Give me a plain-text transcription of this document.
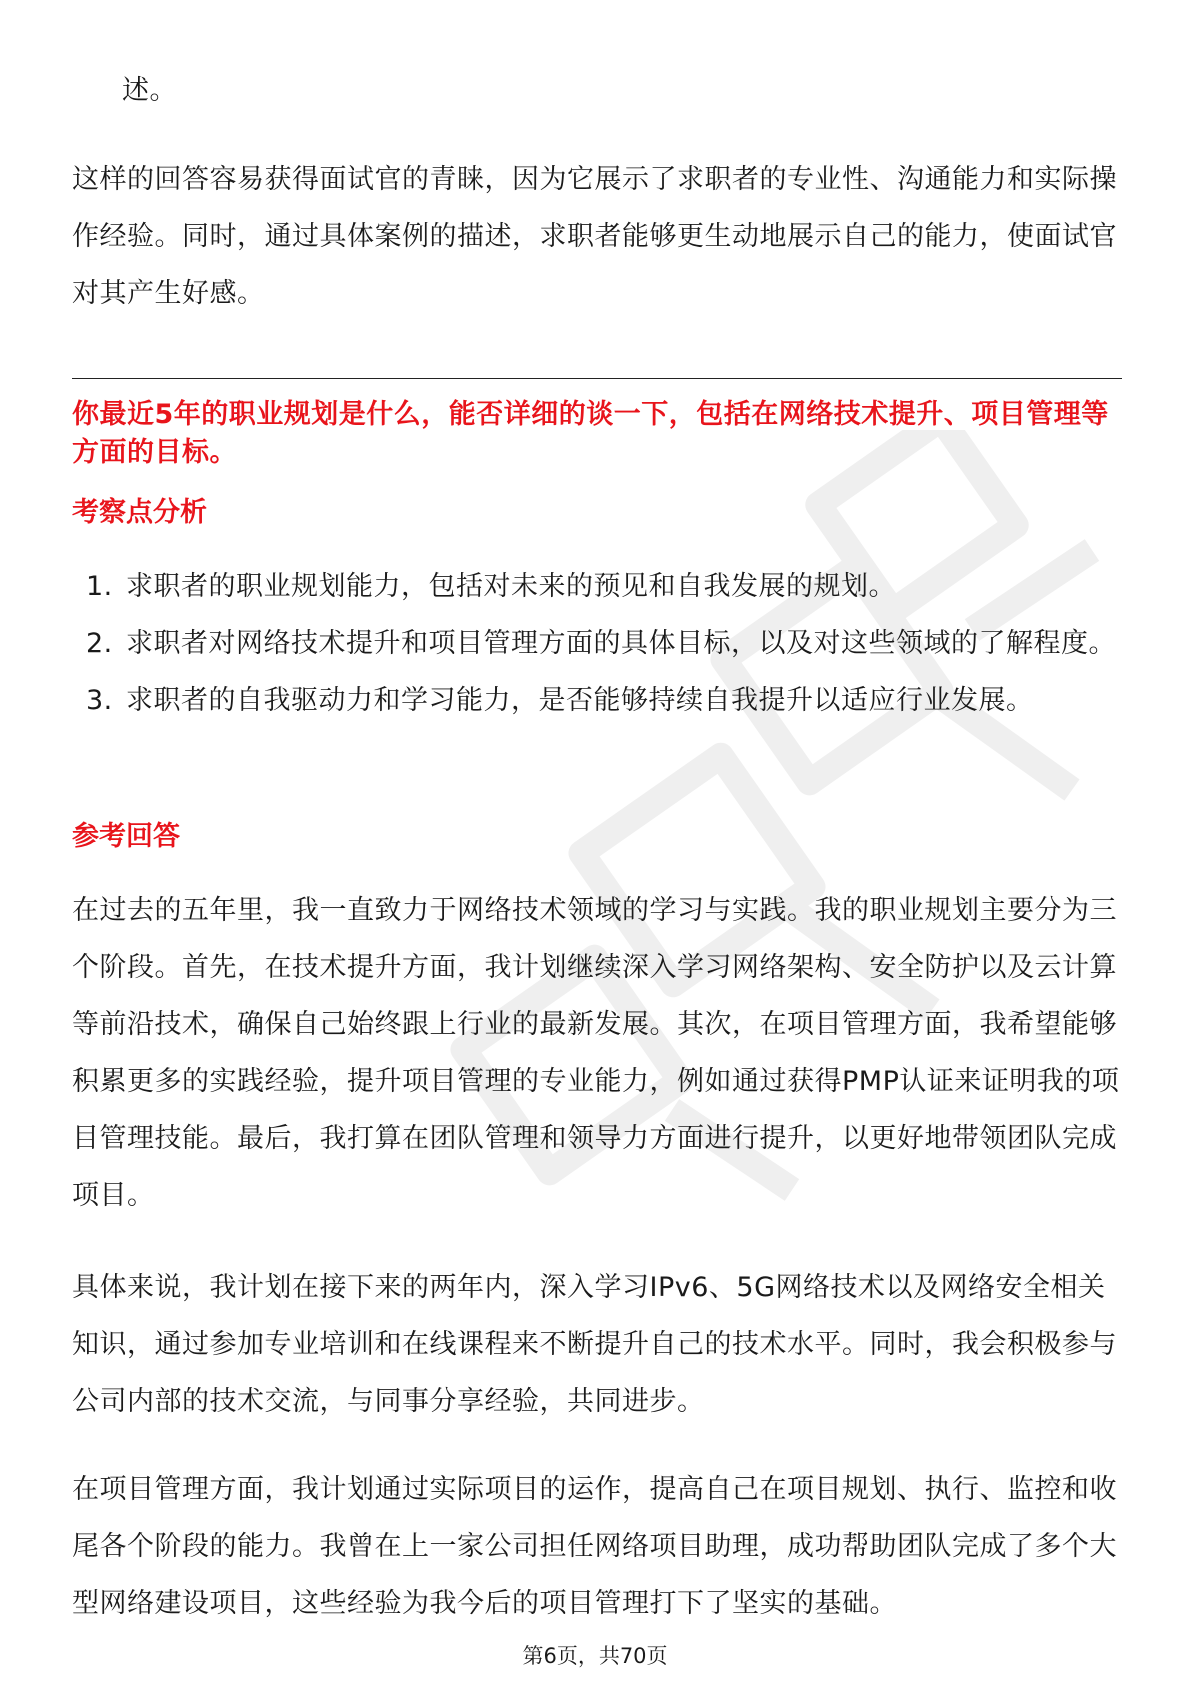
述。

这样的回答容易获得面试官的青睐，因为它展示了求职者的专业性、沟通能力和实际操作经验。同时，通过具体案例的描述，求职者能够更生动地展示自己的能力，使面试官对其产生好感。

你最近5年的职业规划是什么，能否详细的谈一下，包括在网络技术提升、项目管理等方面的目标。

考察点分析

1. 求职者的职业规划能力，包括对未来的预见和自我发展的规划。
2. 求职者对网络技术提升和项目管理方面的具体目标，以及对这些领域的了解程度。
3. 求职者的自我驱动力和学习能力，是否能够持续自我提升以适应行业发展。

参考回答

在过去的五年里，我一直致力于网络技术领域的学习与实践。我的职业规划主要分为三个阶段。首先，在技术提升方面，我计划继续深入学习网络架构、安全防护以及云计算等前沿技术，确保自己始终跟上行业的最新发展。其次，在项目管理方面，我希望能够积累更多的实践经验，提升项目管理的专业能力，例如通过获得PMP认证来证明我的项目管理技能。最后，我打算在团队管理和领导力方面进行提升，以更好地带领团队完成项目。

具体来说，我计划在接下来的两年内，深入学习IPv6、5G网络技术以及网络安全相关知识，通过参加专业培训和在线课程来不断提升自己的技术水平。同时，我会积极参与公司内部的技术交流，与同事分享经验，共同进步。

在项目管理方面，我计划通过实际项目的运作，提高自己在项目规划、执行、监控和收尾各个阶段的能力。我曾在上一家公司担任网络项目助理，成功帮助团队完成了多个大型网络建设项目，这些经验为我今后的项目管理打下了坚实的基础。

第6页，共70页
